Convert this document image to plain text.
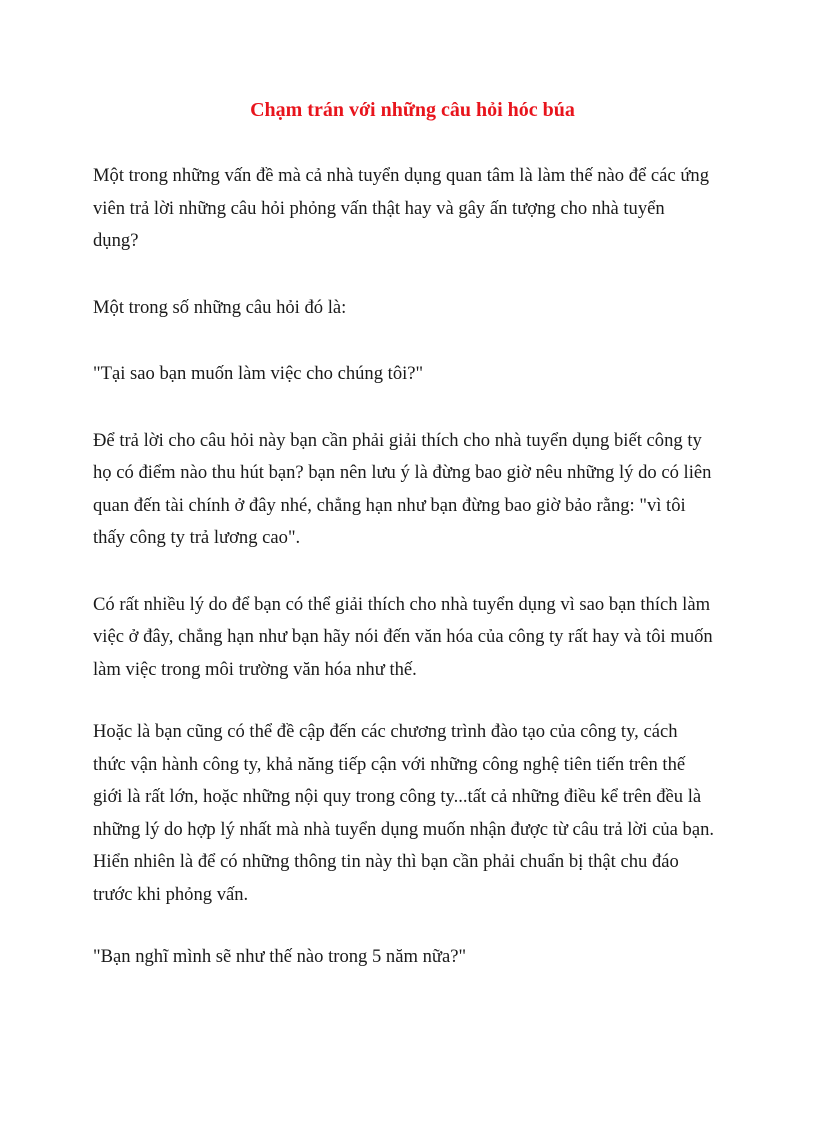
Chạm trán với những câu hỏi hóc búa

Một trong những vấn đề mà cả nhà tuyển dụng quan tâm là làm thế nào để các ứng
viên trả lời những câu hỏi phỏng vấn thật hay và gây ấn tượng cho nhà tuyển
dụng?

Một trong số những câu hỏi đó là:

"Tại sao bạn muốn làm việc cho chúng tôi?"

Để trả lời cho câu hỏi này bạn cần phải giải thích cho nhà tuyển dụng biết công ty
họ có điểm nào thu hút bạn? bạn nên lưu ý là đừng bao giờ nêu những lý do có liên
quan đến tài chính ở đây nhé, chẳng hạn như bạn đừng bao giờ bảo rằng: "vì tôi
thấy công ty trả lương cao".

Có rất nhiều lý do để bạn có thể giải thích cho nhà tuyển dụng vì sao bạn thích làm
việc ở đây, chẳng hạn như bạn hãy nói đến văn hóa của công ty rất hay và tôi muốn
làm việc trong môi trường văn hóa như thế.

Hoặc là bạn cũng có thể đề cập đến các chương trình đào tạo của công ty, cách
thức vận hành công ty, khả năng tiếp cận với những công nghệ tiên tiến trên thế
giới là rất lớn, hoặc những nội quy trong công ty...tất cả những điều kể trên đều là
những lý do hợp lý nhất mà nhà tuyển dụng muốn nhận được từ câu trả lời của bạn.
Hiển nhiên là để có những thông tin này thì bạn cần phải chuẩn bị thật chu đáo
trước khi phỏng vấn.

"Bạn nghĩ mình sẽ như thế nào trong 5 năm nữa?"
